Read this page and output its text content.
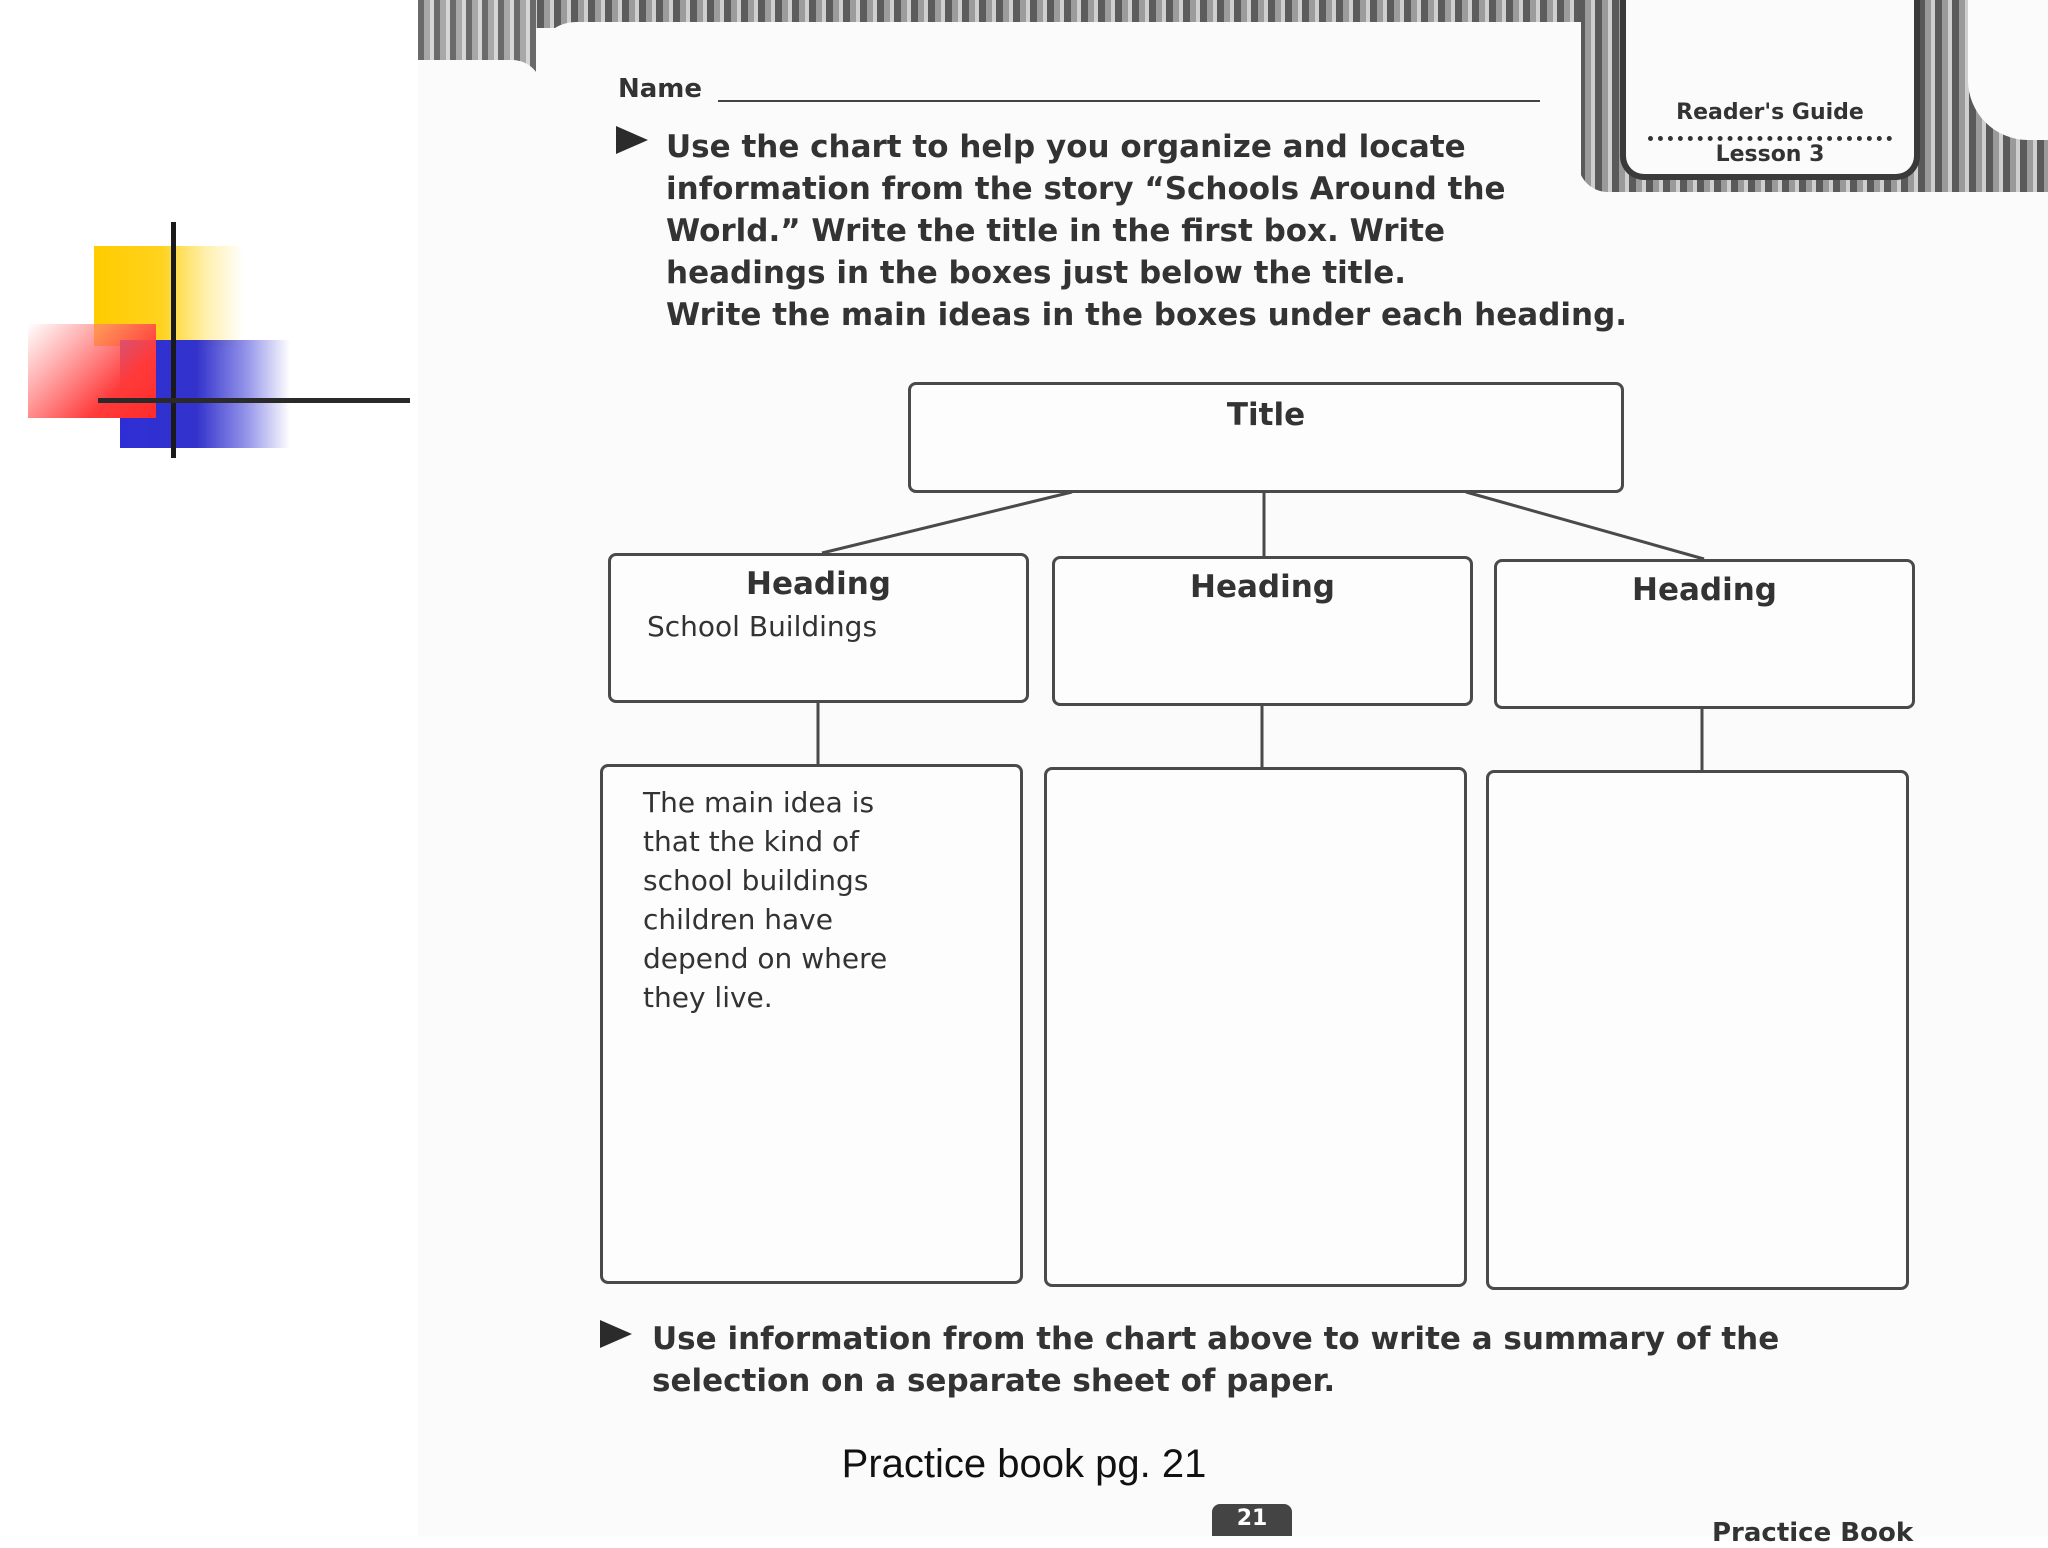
Reader's Guide
Lesson 3
Name
Use the chart to help you organize and locate
information from the story “Schools Around the
World.” Write the title in the first box. Write
headings in the boxes just below the title.
Write the main ideas in the boxes under each heading.
Title
Heading
School Buildings
Heading	Heading
The main idea is
that the kind of
school buildings
children have
depend on where
they live.
Use information from the chart above to write a summary of the
selection on a separate sheet of paper.
21	Practice Book
Practice book pg. 21
